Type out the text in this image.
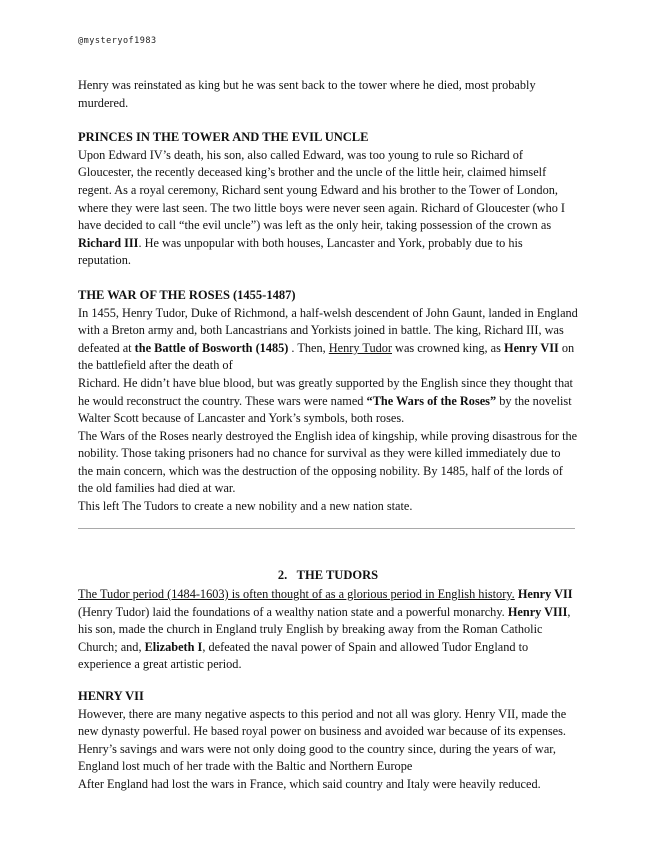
@mysteryof1983

Henry was reinstated as king but he was sent back to the tower where he died, most probably murdered.

PRINCES IN THE TOWER AND THE EVIL UNCLE

Upon Edward IV’s death, his son, also called Edward, was too young to rule so Richard of Gloucester, the recently deceased king’s brother and the uncle of the little heir, claimed himself regent. As a royal ceremony, Richard sent young Edward and his brother to the Tower of London, where they were last seen. The two little boys were never seen again. Richard of Gloucester (who I have decided to call “the evil uncle”) was left as the only heir, taking possession of the crown as Richard III. He was unpopular with both houses, Lancaster and York, probably due to his reputation.

THE WAR OF THE ROSES (1455-1487)

In 1455, Henry Tudor, Duke of Richmond, a half-welsh descendent of John Gaunt, landed in England with a Breton army and, both Lancastrians and Yorkists joined in battle. The king, Richard III, was defeated at the Battle of Bosworth (1485) . Then, Henry Tudor was crowned king, as Henry VII on the battlefield after the death of

Richard. He didn’t have blue blood, but was greatly supported by the English since they thought that he would reconstruct the country. These wars were named “The Wars of the Roses” by the novelist Walter Scott because of Lancaster and York’s symbols, both roses.

The Wars of the Roses nearly destroyed the English idea of kingship, while proving disastrous for the nobility. Those taking prisoners had no chance for survival as they were killed immediately due to the main concern, which was the destruction of the opposing nobility. By 1485, half of the lords of the old families had died at war.

This left The Tudors to create a new nobility and a new nation state.

2. THE TUDORS

The Tudor period (1484-1603) is often thought of as a glorious period in English history. Henry VII (Henry Tudor) laid the foundations of a wealthy nation state and a powerful monarchy. Henry VIII, his son, made the church in England truly English by breaking away from the Roman Catholic Church; and, Elizabeth I, defeated the naval power of Spain and allowed Tudor England to experience a great artistic period.

HENRY VII

However, there are many negative aspects to this period and not all was glory. Henry VII, made the new dynasty powerful. He based royal power on business and avoided war because of its expenses. Henry’s savings and wars were not only doing good to the country since, during the years of war, England lost much of her trade with the Baltic and Northern Europe

After England had lost the wars in France, which said country and Italy were heavily reduced.
